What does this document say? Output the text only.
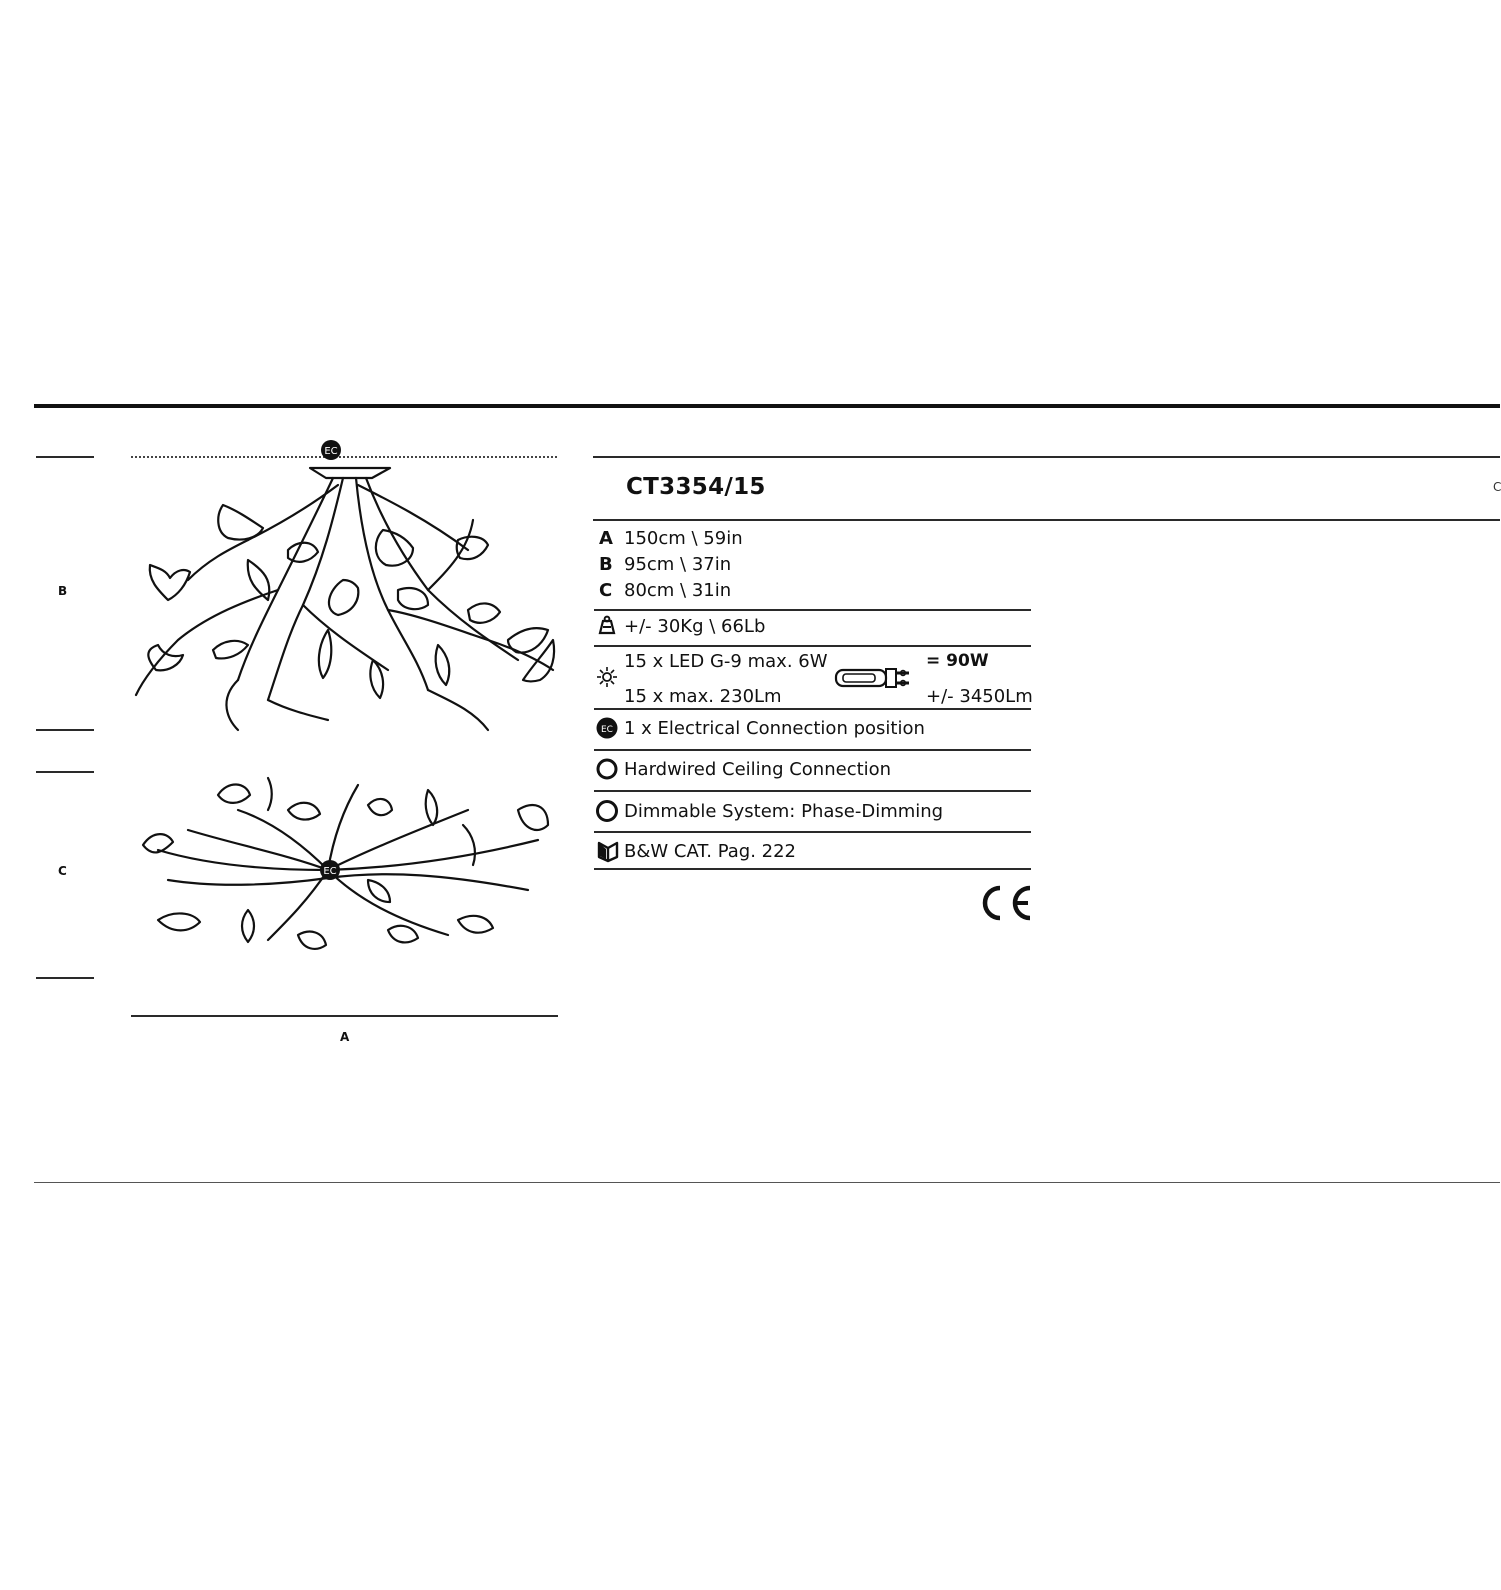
B
C
EC
EC
A
CT3354/15	C
A 150cm \ 59in
B 95cm \ 37in
C 80cm \ 31in
+/- 30Kg \ 66Lb
15 x LED G-9 max. 6W
15 x max. 230Lm
= 90W
+/- 3450Lm
EC 1 x Electrical Connection position
Hardwired Ceiling Connection
Dimmable System: Phase-Dimming
B&W CAT. Pag. 222
